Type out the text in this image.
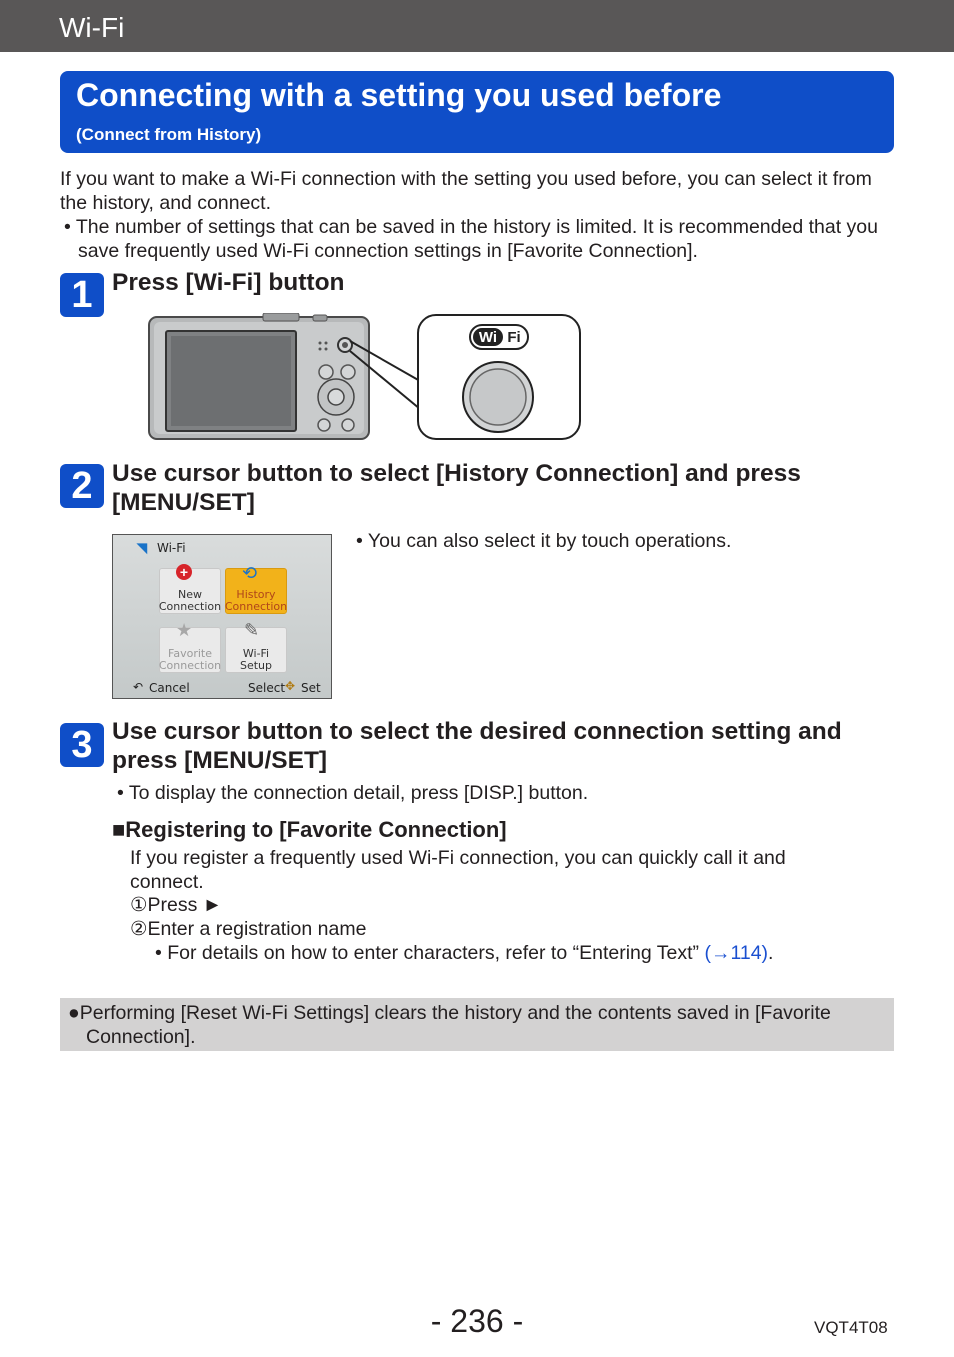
Wi-Fi
Connecting with a setting you used before
(Connect from History)
If you want to make a Wi-Fi connection with the setting you used before, you can select it from the history, and connect.
• The number of settings that can be saved in the history is limited. It is recommended that you save frequently used Wi-Fi connection settings in [Favorite Connection].
1 Press [Wi-Fi] button
Wi Fi
2 Use cursor button to select [History Connection] and press [MENU/SET]
◥ Wi-Fi
+
New
Connection
⟲
History
Connection
★
Favorite
Connection
✎
Wi-Fi
Setup
↶ Cancel	Select ✥ Set
• You can also select it by touch operations.
3 Use cursor button to select the desired connection setting and press [MENU/SET]
• To display the connection detail, press [DISP.] button.
■Registering to [Favorite Connection]
If you register a frequently used Wi-Fi connection, you can quickly call it and connect.
①Press ►
②Enter a registration name
• For details on how to enter characters, refer to “Entering Text” (→114).
●Performing [Reset Wi-Fi Settings] clears the history and the contents saved in [Favorite Connection].
- 236 -	VQT4T08
